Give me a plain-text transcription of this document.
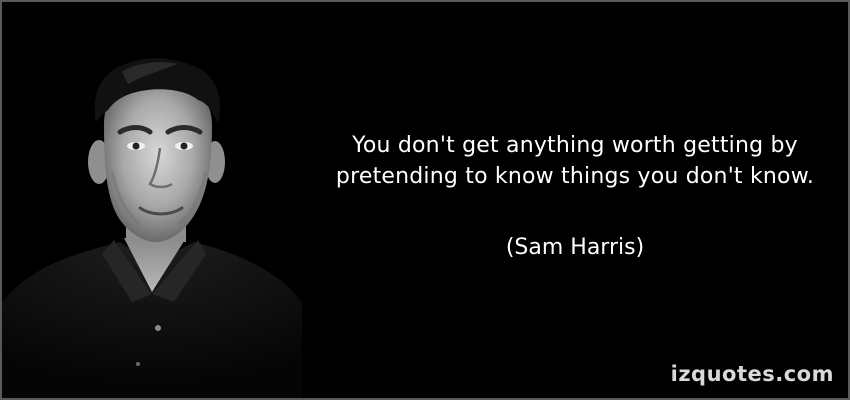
You don't get anything worth getting by
pretending to know things you don't know.
(Sam Harris)
izquotes.com
